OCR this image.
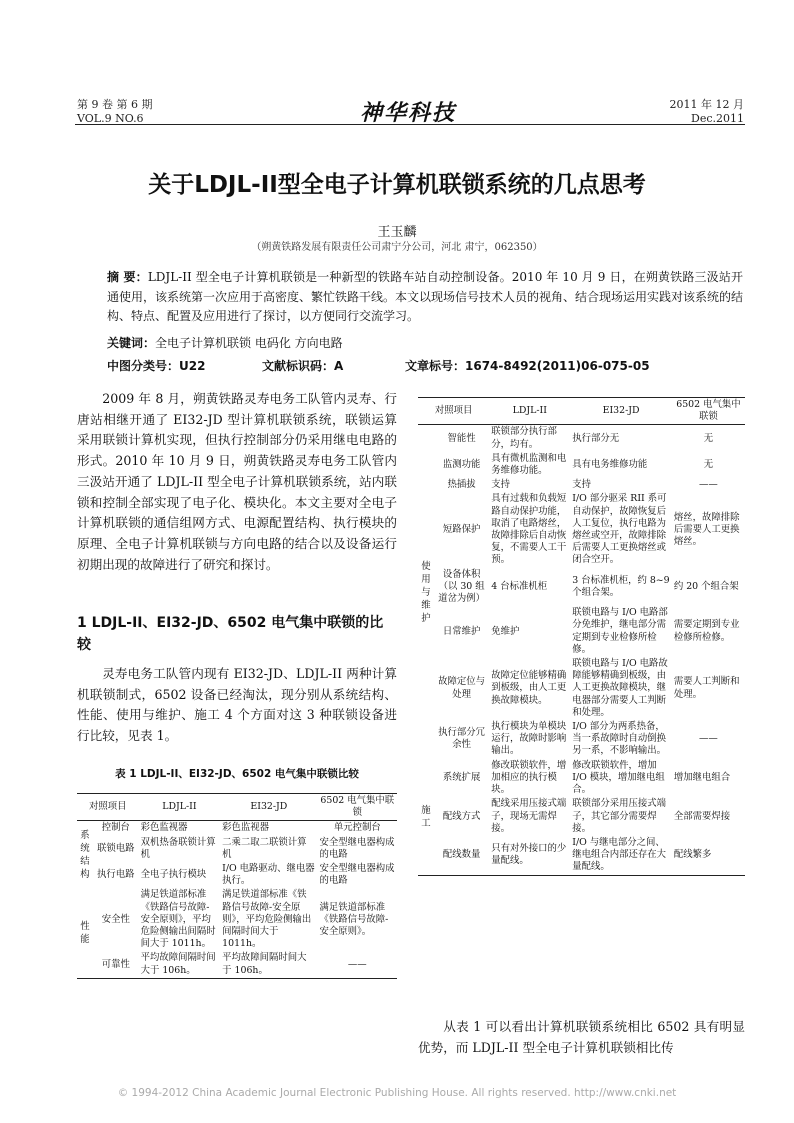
第 9 卷 第 6 期
VOL.9 NO.6	神华科技	2011 年 12 月
Dec.2011
关于LDJL-II型全电子计算机联锁系统的几点思考
王玉麟
（朔黄铁路发展有限责任公司肃宁分公司，河北 肃宁，062350）
摘 要：LDJL-II 型全电子计算机联锁是一种新型的铁路车站自动控制设备。2010 年 10 月 9 日，在朔黄铁路三汲站开通使用，该系统第一次应用于高密度、繁忙铁路干线。本文以现场信号技术人员的视角、结合现场运用实践对该系统的结构、特点、配置及应用进行了探讨，以方便同行交流学习。
关键词：全电子计算机联锁 电码化 方向电路
中图分类号：U22	文献标识码：A	文章标号：1674-8492(2011)06-075-05
2009 年 8 月，朔黄铁路灵寿电务工队管内灵寿、行唐站相继开通了 EI32-JD 型计算机联锁系统，联锁运算采用联锁计算机实现，但执行控制部分仍采用继电电路的形式。2010 年 10 月 9 日，朔黄铁路灵寿电务工队管内三汲站开通了 LDJL-II 型全电子计算机联锁系统，站内联锁和控制全部实现了电子化、模块化。本文主要对全电子计算机联锁的通信组网方式、电源配置结构、执行模块的原理、全电子计算机联锁与方向电路的结合以及设备运行初期出现的故障进行了研究和探讨。
1 LDJL-II、EI32-JD、6502 电气集中联锁的比较
灵寿电务工队管内现有 EI32-JD、LDJL-II 两种计算机联锁制式，6502 设备已经淘汰，现分别从系统结构、性能、使用与维护、施工 4 个方面对这 3 种联锁设备进行比较，见表 1。
表 1 LDJL-II、EI32-JD、6502 电气集中联锁比较
对照项目		LDJL-II	EI32-JD	6502 电气集中联锁
系统结构	控制台	彩色监视器	彩色监视器	单元控制台
	联锁电路	双机热备联锁计算机	二乘二取二联锁计算机	安全型继电器构成的电路
	执行电路	全电子执行模块	I/O 电路驱动、继电器执行。	安全型继电器构成的电路
性能	安全性	满足铁道部标准《铁路信号故障-安全原则》，平均危险侧输出间隔时间大于 1011h。	满足铁道部标准《铁路信号故障-安全原则》，平均危险侧输出间隔时间大于 1011h。	满足铁道部标准《铁路信号故障-安全原则》。
	可靠性	平均故障间隔时间大于 106h。	平均故障间隔时间大于 106h。	——
对照项目		LDJL-II	EI32-JD	6502 电气集中联锁
使用与维护	智能性	联锁部分执行部分，均有。	执行部分无	无
	监测功能	具有微机监测和电务维修功能。	具有电务维修功能	无
	热插拔	支持	支持	——
	短路保护	具有过载和负载短路自动保护功能，取消了电路熔丝，故障排除后自动恢复，不需要人工干预。	I/O 部分驱采 RII 系可自动保护，故障恢复后人工复位，执行电路为熔丝或空开，故障排除后需要人工更换熔丝或闭合空开。	熔丝，故障排除后需要人工更换熔丝。
	设备体积（以 30 组道岔为例）	4 台标准机柜	3 台标准机柜，约 8~9 个组合架。	约 20 个组合架
	日常维护	免维护	联锁电路与 I/O 电路部分免维护，继电部分需定期到专业检修所检修。	需要定期到专业检修所检修。
	故障定位与处理	故障定位能够精确到板级，由人工更换故障模块。	联锁电路与 I/O 电路故障能够精确到板级，由人工更换故障模块，继电器部分需要人工判断和处理。	需要人工判断和处理。
	执行部分冗余性	执行模块为单模块运行，故障时影响输出。	I/O 部分为两系热备，当一系故障时自动倒换另一系，不影响输出。	——
施工	系统扩展	修改联锁软件，增加相应的执行模块。	修改联锁软件，增加 I/O 模块，增加继电组合。	增加继电组合
	配线方式	配线采用压接式端子，现场无需焊接。	联锁部分采用压接式端子，其它部分需要焊接。	全部需要焊接
	配线数量	只有对外接口的少量配线。	I/O 与继电部分之间、继电组合内部还存在大量配线。	配线繁多
从表 1 可以看出计算机联锁系统相比 6502 具有明显优势，而 LDJL-II 型全电子计算机联锁相比传
© 1994-2012 China Academic Journal Electronic Publishing House. All rights reserved. http://www.cnki.net
